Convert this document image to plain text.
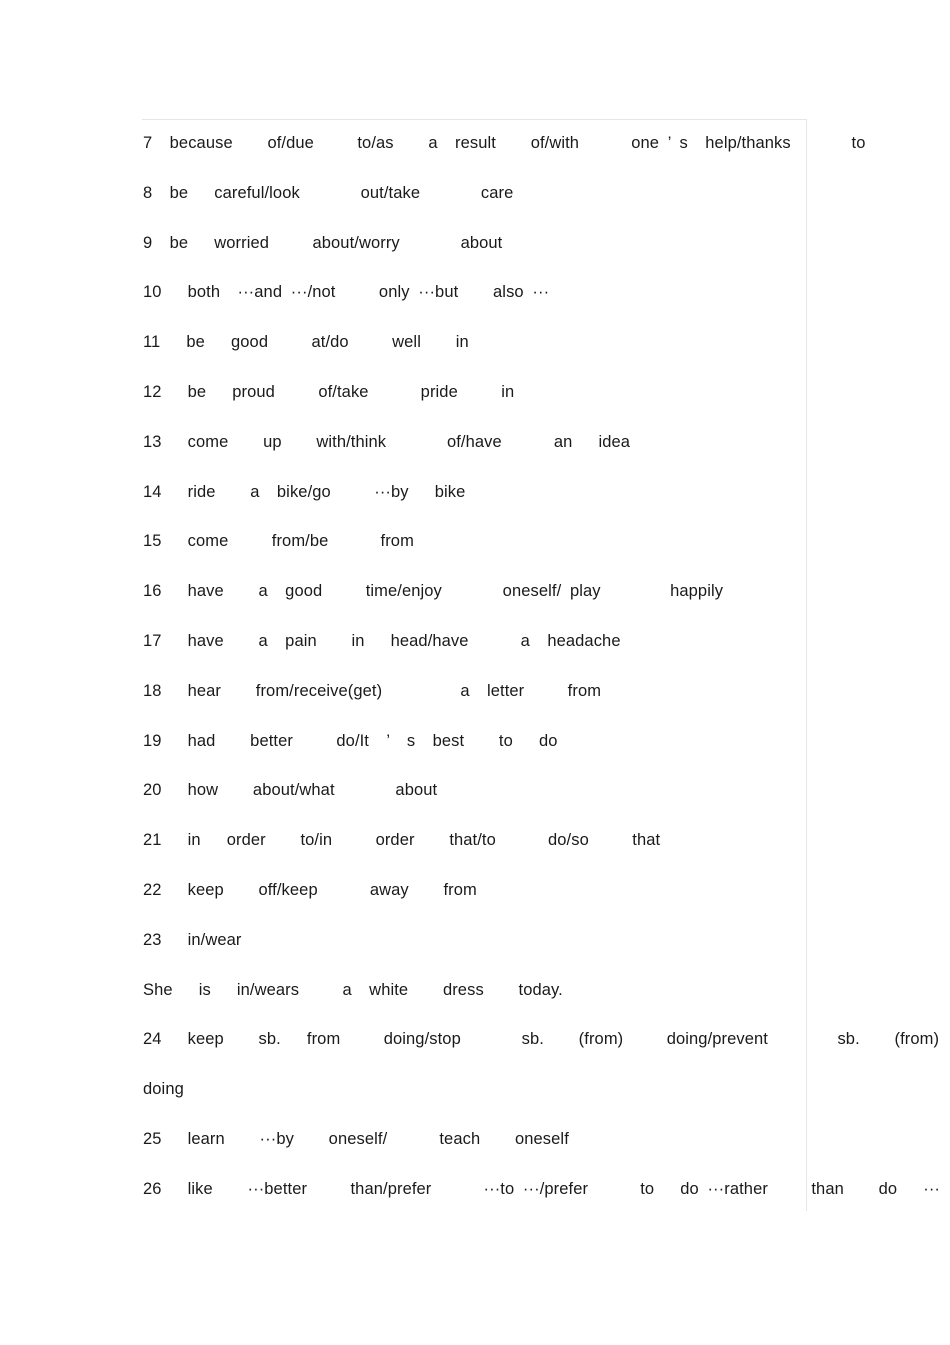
7  because    of/due     to/as    a  result    of/with      one ’ s  help/thanks       to
8  be   careful/look       out/take       care
9  be   worried     about/worry       about
10   both  ···and ···/not     only ···but    also ···
11   be   good     at/do     well    in
12   be   proud     of/take      pride     in
13   come    up    with/think       of/have      an   idea
14   ride    a  bike/go     ···by   bike
15   come     from/be      from
16   have    a  good     time/enjoy       oneself/ play        happily
17   have    a  pain    in   head/have      a  headache
18   hear    from/receive(get)         a  letter     from
19   had    better     do/It  ’  s  best    to   do
20   how    about/what       about
21   in   order    to/in     order    that/to      do/so     that
22   keep    off/keep      away    from
23   in/wear
She   is   in/wears     a  white    dress    today.
24   keep    sb.   from     doing/stop       sb.    (from)     doing/prevent        sb.    (from)
doing
25   learn    ···by    oneself/      teach    oneself
26   like    ···better     than/prefer      ···to ···/prefer      to   do ···rather     than    do   ···
